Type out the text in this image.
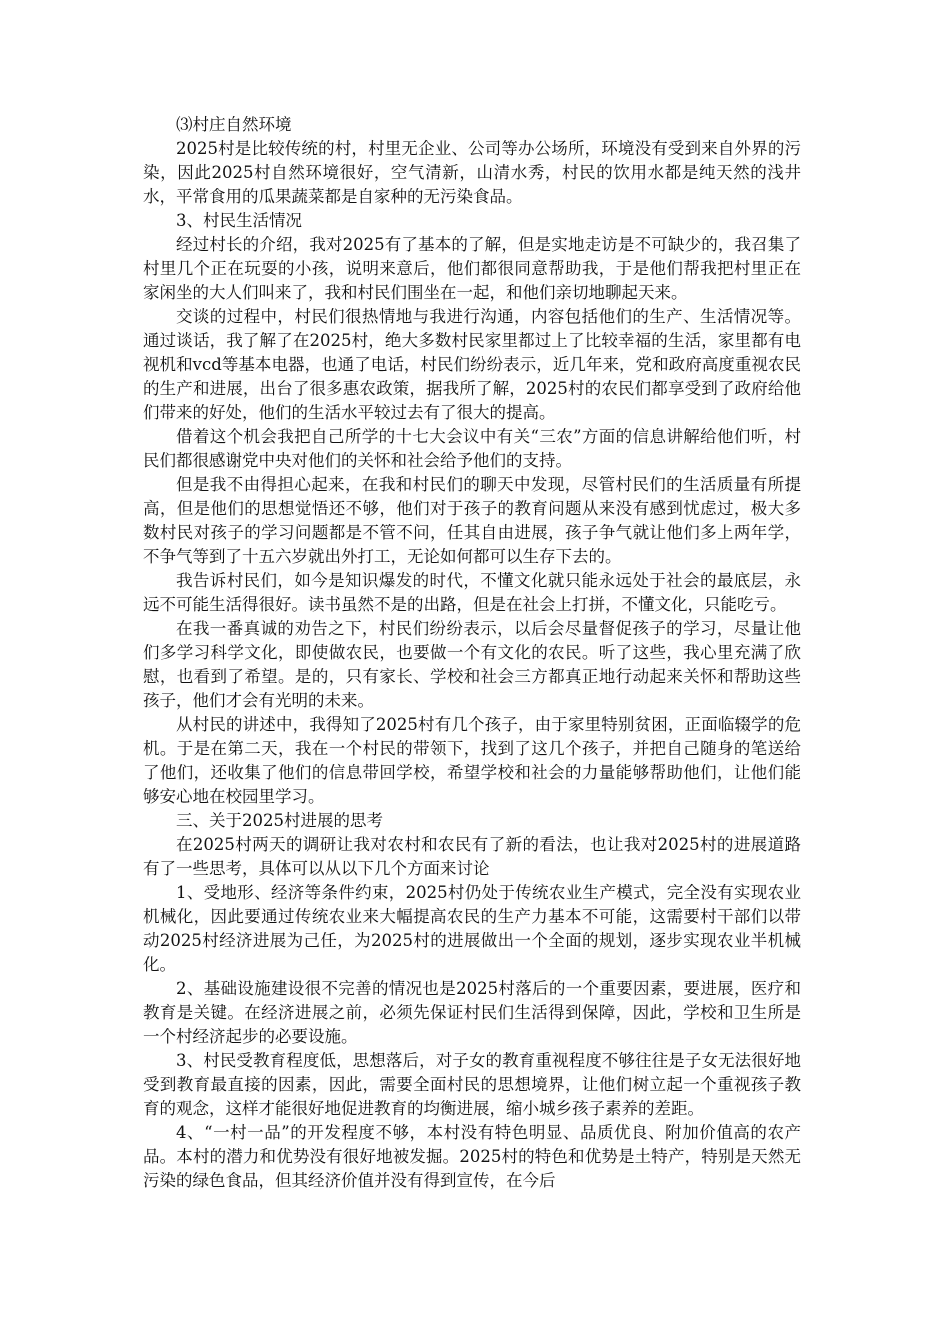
⑶村庄自然环境

2025村是比较传统的村，村里无企业、公司等办公场所，环境没有受到来自外界的污染，因此2025村自然环境很好，空气清新，山清水秀，村民的饮用水都是纯天然的浅井水，平常食用的瓜果蔬菜都是自家种的无污染食品。

3、村民生活情况

经过村长的介绍，我对2025有了基本的了解，但是实地走访是不可缺少的，我召集了村里几个正在玩耍的小孩，说明来意后，他们都很同意帮助我，于是他们帮我把村里正在家闲坐的大人们叫来了，我和村民们围坐在一起，和他们亲切地聊起天来。

交谈的过程中，村民们很热情地与我进行沟通，内容包括他们的生产、生活情况等。通过谈话，我了解了在2025村，绝大多数村民家里都过上了比较幸福的生活，家里都有电视机和vcd等基本电器，也通了电话，村民们纷纷表示，近几年来，党和政府高度重视农民的生产和进展，出台了很多惠农政策，据我所了解，2025村的农民们都享受到了政府给他们带来的好处，他们的生活水平较过去有了很大的提高。

借着这个机会我把自己所学的十七大会议中有关“三农”方面的信息讲解给他们听，村民们都很感谢党中央对他们的关怀和社会给予他们的支持。

但是我不由得担心起来，在我和村民们的聊天中发现，尽管村民们的生活质量有所提高，但是他们的思想觉悟还不够，他们对于孩子的教育问题从来没有感到忧虑过，极大多数村民对孩子的学习问题都是不管不问，任其自由进展，孩子争气就让他们多上两年学，不争气等到了十五六岁就出外打工，无论如何都可以生存下去的。

我告诉村民们，如今是知识爆发的时代，不懂文化就只能永远处于社会的最底层，永远不可能生活得很好。读书虽然不是的出路，但是在社会上打拼，不懂文化，只能吃亏。

在我一番真诚的劝告之下，村民们纷纷表示，以后会尽量督促孩子的学习，尽量让他们多学习科学文化，即使做农民，也要做一个有文化的农民。听了这些，我心里充满了欣慰，也看到了希望。是的，只有家长、学校和社会三方都真正地行动起来关怀和帮助这些孩子，他们才会有光明的未来。

从村民的讲述中，我得知了2025村有几个孩子，由于家里特别贫困，正面临辍学的危机。于是在第二天，我在一个村民的带领下，找到了这几个孩子，并把自己随身的笔送给了他们，还收集了他们的信息带回学校，希望学校和社会的力量能够帮助他们，让他们能够安心地在校园里学习。

三、关于2025村进展的思考

在2025村两天的调研让我对农村和农民有了新的看法，也让我对2025村的进展道路有了一些思考，具体可以从以下几个方面来讨论

1、受地形、经济等条件约束，2025村仍处于传统农业生产模式，完全没有实现农业机械化，因此要通过传统农业来大幅提高农民的生产力基本不可能，这需要村干部们以带动2025村经济进展为己任，为2025村的进展做出一个全面的规划，逐步实现农业半机械化。

2、基础设施建设很不完善的情况也是2025村落后的一个重要因素，要进展，医疗和教育是关键。在经济进展之前，必须先保证村民们生活得到保障，因此，学校和卫生所是一个村经济起步的必要设施。

3、村民受教育程度低，思想落后，对子女的教育重视程度不够往往是子女无法很好地受到教育最直接的因素，因此，需要全面村民的思想境界，让他们树立起一个重视孩子教育的观念，这样才能很好地促进教育的均衡进展，缩小城乡孩子素养的差距。

4、“一村一品”的开发程度不够，本村没有特色明显、品质优良、附加价值高的农产品。本村的潜力和优势没有很好地被发掘。2025村的特色和优势是土特产，特别是天然无污染的绿色食品，但其经济价值并没有得到宣传，在今后
